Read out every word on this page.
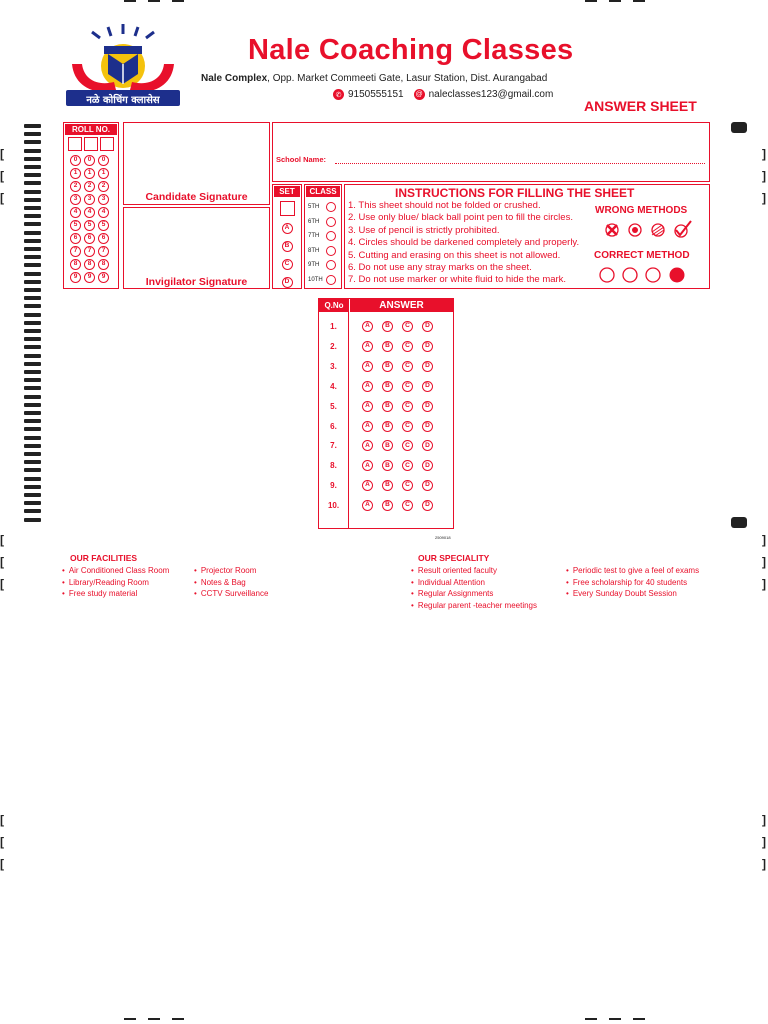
[	]
[	]
[	]
[	]
[	]
[	]
[	]
[	]
[	]
नळे कोचिंग क्लासेस
Nale Coaching Classes
Nale Complex, Opp. Market Commeeti Gate, Lasur Station, Dist. Aurangabad
✆ 9150555151 @ naleclasses123@gmail.com
ANSWER SHEET
ROLL NO.
0	0	0
1	1	1
2	2	2
3	3	3
4	4	4
5	5	5
6	6	6
7	7	7
8	8	8
9	9	9
Candidate Signature
Invigilator Signature
School Name:
SET
A
B
C
D
CLASS
5TH
6TH
7TH
8TH
9TH
10TH
INSTRUCTIONS FOR FILLING THE SHEET
1. This sheet should not be folded or crushed.
2. Use only blue/ black ball point pen to fill the circles.
3. Use of pencil is strictly prohibited.
4. Circles should be darkened completely and properly.
5. Cutting and erasing on this sheet is not allowed.
6. Do not use any stray marks on the sheet.
7. Do not use marker or white fluid to hide the mark.
WRONG METHODS
CORRECT METHOD
Q.No	ANSWER
1.	A	B	C	D
2.	A	B	C	D
3.	A	B	C	D
4.	A	B	C	D
5.	A	B	C	D
6.	A	B	C	D
7.	A	B	C	D
8.	A	B	C	D
9.	A	B	C	D
10.	A	B	C	D
2509018
OUR FACILITIES
• Air Conditioned Class Room
• Library/Reading Room
• Free study material
• Projector Room
• Notes & Bag
• CCTV Surveillance
OUR SPECIALITY
• Result oriented faculty
• Individual Attention
• Regular Assignments
• Regular parent -teacher meetings
• Periodic test to give a feel of exams
• Free scholarship for 40 students
• Every Sunday Doubt Session
